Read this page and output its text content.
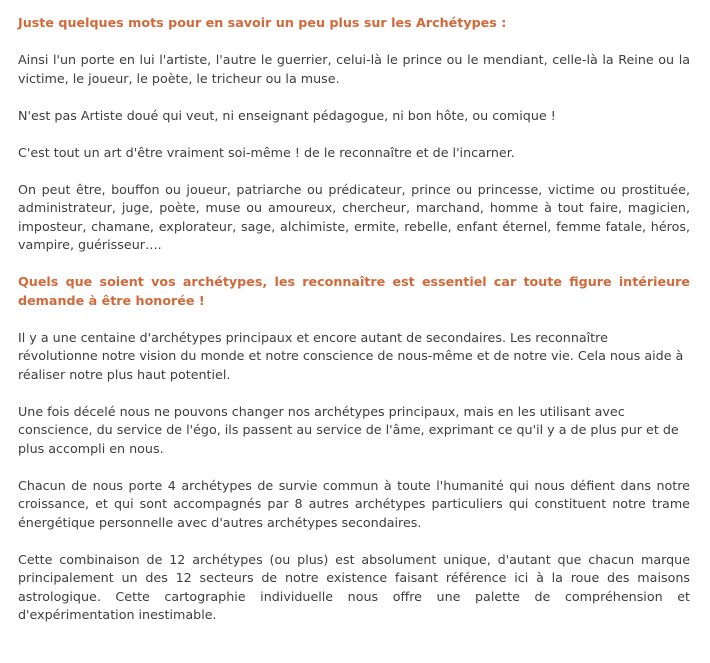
Juste quelques mots pour en savoir un peu plus sur les Archétypes :

Ainsi l'un porte en lui l'artiste, l'autre le guerrier, celui-là le prince ou le mendiant, celle-là la Reine ou la victime, le joueur, le poète, le tricheur ou la muse.

N'est pas Artiste doué qui veut, ni enseignant pédagogue, ni bon hôte, ou comique !

C'est tout un art d'être vraiment soi-même ! de le reconnaître et de l'incarner.

On peut être, bouffon ou joueur, patriarche ou prédicateur, prince ou princesse, victime ou prostituée, administrateur, juge, poète, muse ou amoureux, chercheur, marchand, homme à tout faire, magicien, imposteur, chamane, explorateur, sage, alchimiste, ermite, rebelle, enfant éternel, femme fatale, héros, vampire, guérisseur….

Quels que soient vos archétypes, les reconnaître est essentiel car toute figure intérieure demande à être honorée !

Il y a une centaine d'archétypes principaux et encore autant de secondaires. Les reconnaître révolutionne notre vision du monde et notre conscience de nous-même et de notre vie. Cela nous aide à réaliser notre plus haut potentiel.

Une fois décelé nous ne pouvons changer nos archétypes principaux, mais en les utilisant avec conscience, du service de l'égo, ils passent au service de l'âme, exprimant ce qu'il y a de plus pur et de plus accompli en nous.

Chacun de nous porte 4 archétypes de survie commun à toute l'humanité qui nous défient dans notre croissance, et qui sont accompagnés par 8 autres archétypes particuliers qui constituent notre trame énergétique personnelle avec d'autres archétypes secondaires.

Cette combinaison de 12 archétypes (ou plus) est absolument unique, d'autant que chacun marque principalement un des 12 secteurs de notre existence faisant référence ici à la roue des maisons astrologique. Cette cartographie individuelle nous offre une palette de compréhension et d'expérimentation inestimable.
